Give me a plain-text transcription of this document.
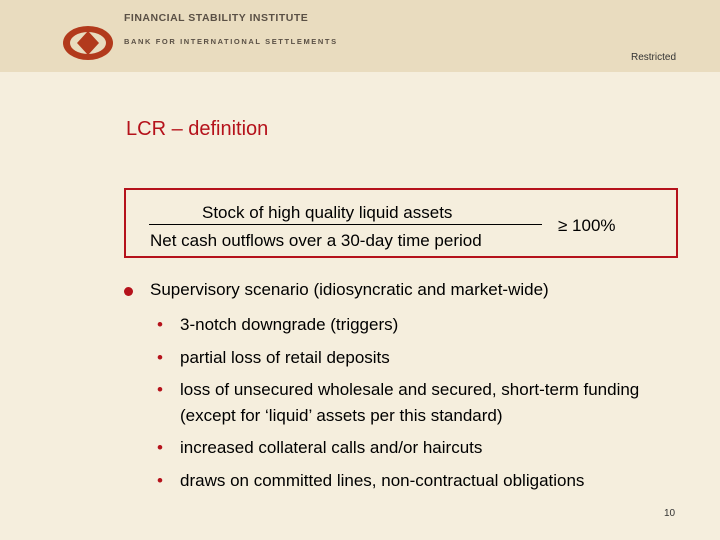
FINANCIAL STABILITY INSTITUTE
BANK FOR INTERNATIONAL SETTLEMENTS
Restricted
LCR – definition
Stock of high quality liquid assets
Net cash outflows over a 30-day time period
≥ 100%
Supervisory scenario (idiosyncratic and market-wide)
• 3-notch downgrade (triggers)
• partial loss of retail deposits
• loss of unsecured wholesale and secured, short-term funding (except for ‘liquid’ assets per this standard)
• increased collateral calls and/or haircuts
• draws on committed lines, non-contractual obligations
10
